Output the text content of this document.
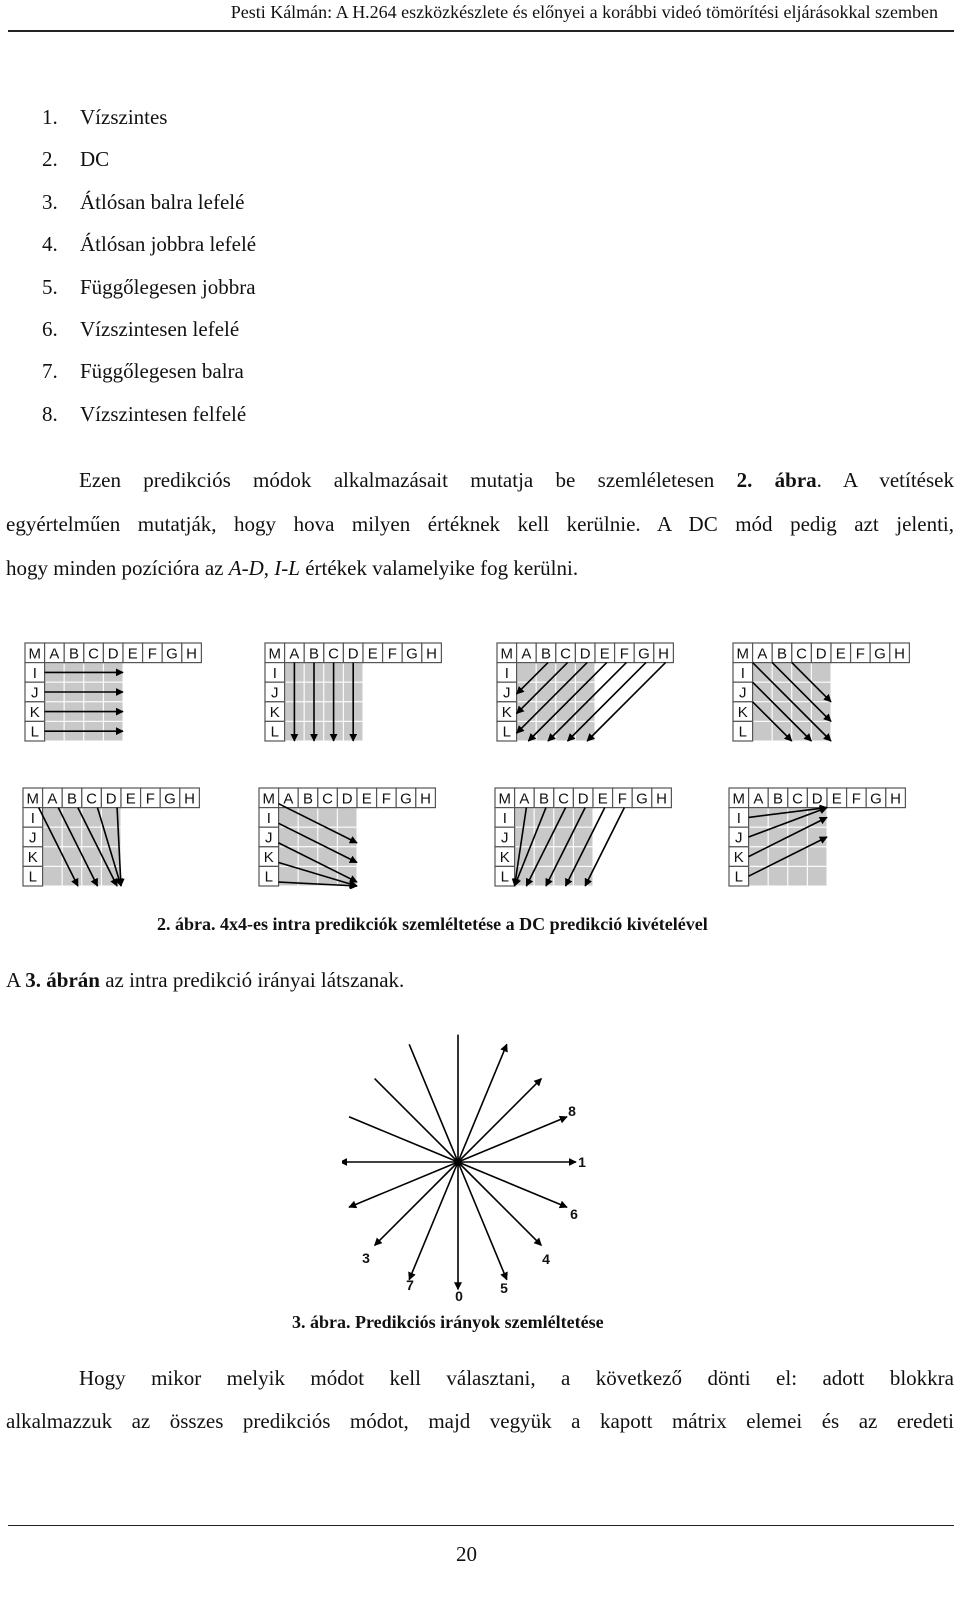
Pesti Kálmán: A H.264 eszközkészlete és előnyei a korábbi videó tömörítési eljárásokkal szemben
1. Vízszintes
2. DC
3. Átlósan balra lefelé
4. Átlósan jobbra lefelé
5. Függőlegesen jobbra
6. Vízszintesen lefelé
7. Függőlegesen balra
8. Vízszintesen felfelé
Ezen predikciós módok alkalmazásait mutatja be szemléletesen 2. ábra. A vetítések
egyértelműen mutatják, hogy hova milyen értéknek kell kerülnie. A DC mód pedig azt jelenti,
hogy minden pozícióra az A-D, I-L értékek valamelyike fog kerülni.
M A B C D E F G H
I
J
K
L
M A B C D E F G H
I
J
K
L
M A B C D E F G H
I
J
K
L
M A B C D E F G H
I
J
K
L
M A B C D E F G H
I
J
K
L
M A B C D E F G H
I
J
K
L
M A B C D E F G H
I
J
K
L
M A B C D E F G H
I
J
K
L
2. ábra. 4x4-es intra predikciók szemléltetése a DC predikció kivételével
A 3. ábrán az intra predikció irányai látszanak.
8
1
6
4
5
0
7
3
3. ábra. Predikciós irányok szemléltetése
Hogy mikor melyik módot kell választani, a következő dönti el: adott blokkra
alkalmazzuk az összes predikciós módot, majd vegyük a kapott mátrix elemei és az eredeti
20
